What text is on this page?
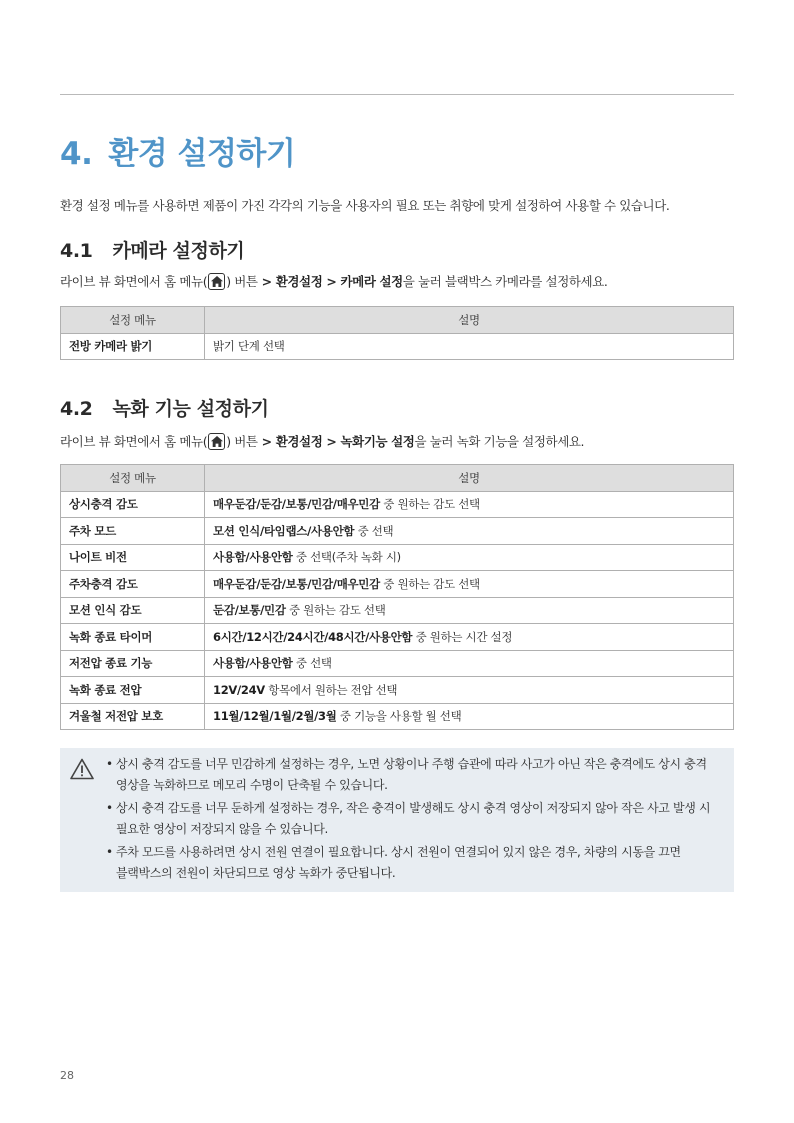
4. 환경 설정하기
환경 설정 메뉴를 사용하면 제품이 가진 각각의 기능을 사용자의 필요 또는 취향에 맞게 설정하여 사용할 수 있습니다.
4.1 카메라 설정하기
라이브 뷰 화면에서 홈 메뉴( ) 버튼 > 환경설정 > 카메라 설정 을 눌러 블랙박스 카메라를 설정하세요.
설정 메뉴	설명
전방 카메라 밝기	밝기 단계 선택
4.2 녹화 기능 설정하기
라이브 뷰 화면에서 홈 메뉴( ) 버튼 > 환경설정 > 녹화기능 설정 을 눌러 녹화 기능을 설정하세요.
설정 메뉴	설명
상시충격 감도	매우둔감/둔감/보통/민감/매우민감 중 원하는 감도 선택
주차 모드	모션 인식/타임랩스/사용안함 중 선택
나이트 비전	사용함/사용안함 중 선택(주차 녹화 시)
주차충격 감도	매우둔감/둔감/보통/민감/매우민감 중 원하는 감도 선택
모션 인식 감도	둔감/보통/민감 중 원하는 감도 선택
녹화 종료 타이머	6시간/12시간/24시간/48시간/사용안함 중 원하는 시간 설정
저전압 종료 기능	사용함/사용안함 중 선택
녹화 종료 전압	12V/24V 항목에서 원하는 전압 선택
겨울철 저전압 보호	11월/12월/1월/2월/3월 중 기능을 사용할 월 선택
• 상시 충격 감도를 너무 민감하게 설정하는 경우, 노면 상황이나 주행 습관에 따라 사고가 아닌 작은 충격에도 상시 충격
영상을 녹화하므로 메모리 수명이 단축될 수 있습니다.
• 상시 충격 감도를 너무 둔하게 설정하는 경우, 작은 충격이 발생해도 상시 충격 영상이 저장되지 않아 작은 사고 발생 시
필요한 영상이 저장되지 않을 수 있습니다.
• 주차 모드를 사용하려면 상시 전원 연결이 필요합니다. 상시 전원이 연결되어 있지 않은 경우, 차량의 시동을 끄면
블랙박스의 전원이 차단되므로 영상 녹화가 중단됩니다.
28
